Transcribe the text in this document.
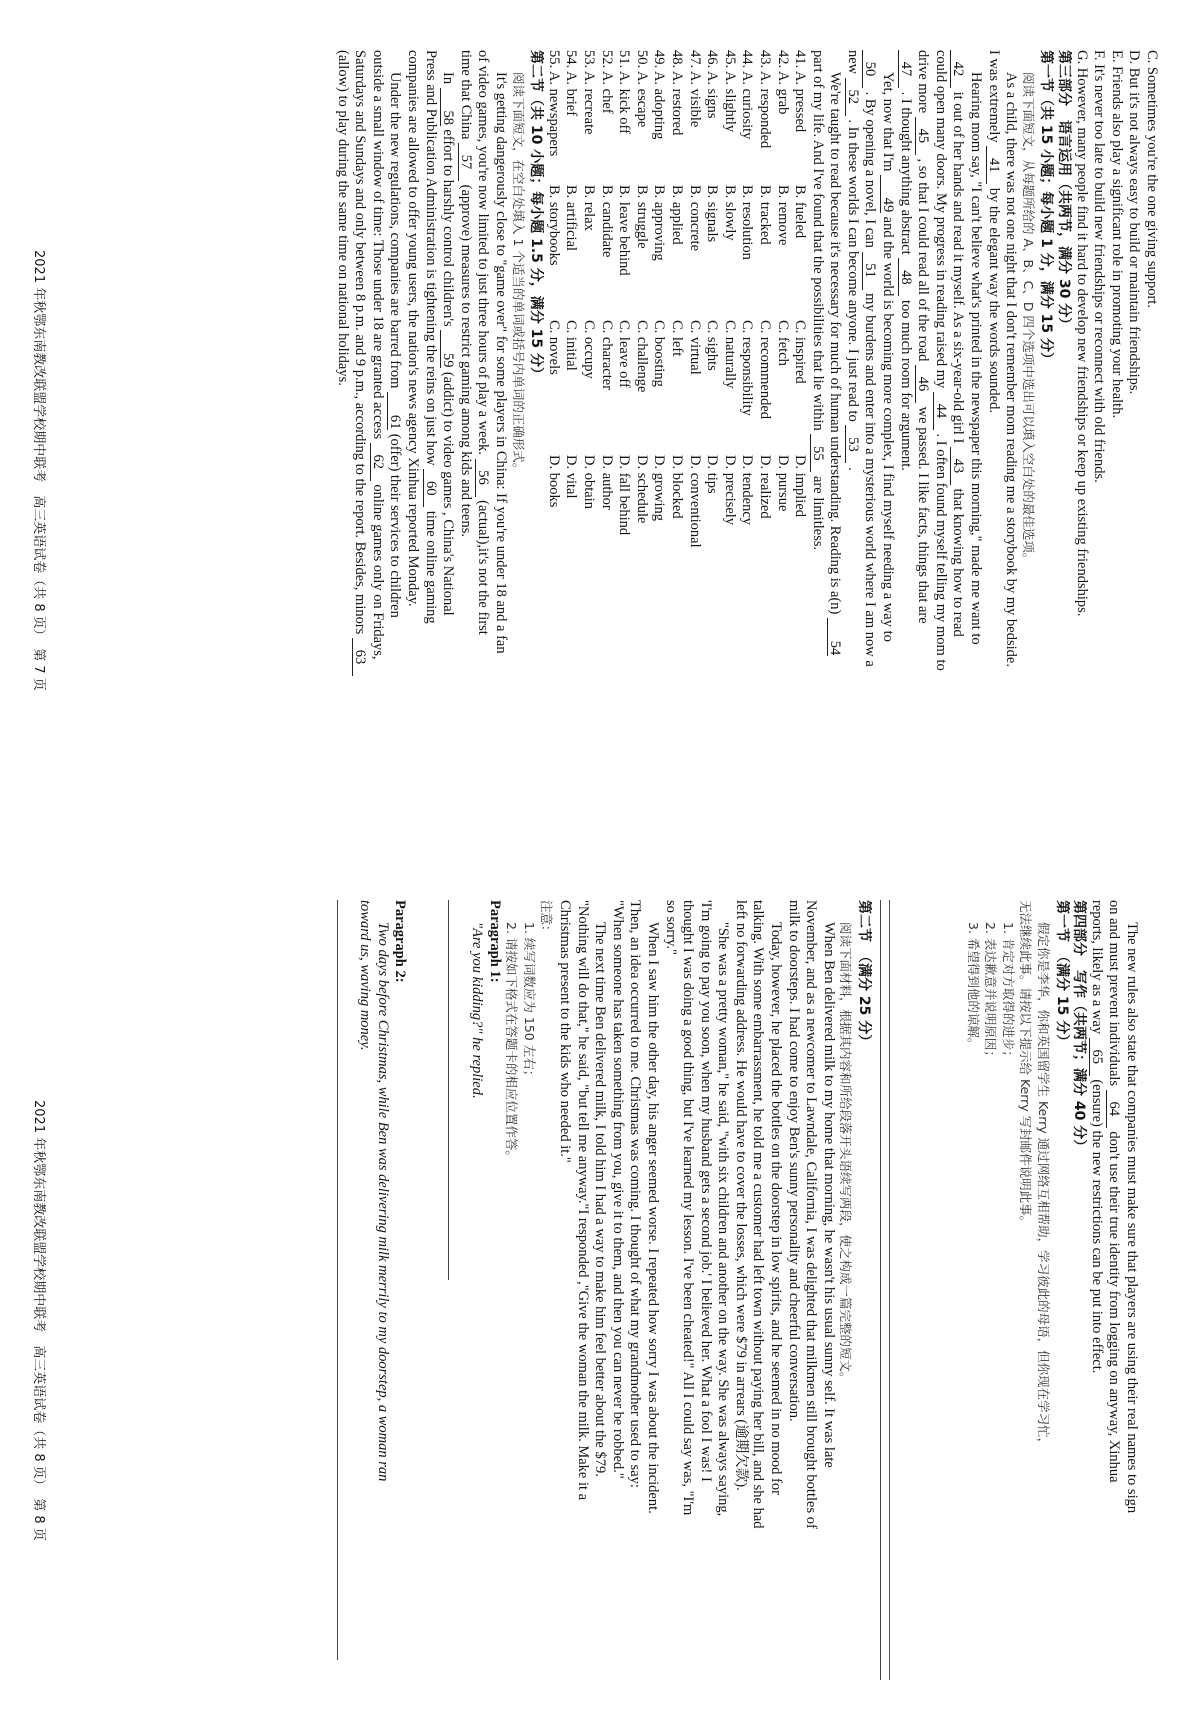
C. Sometimes you're the one giving support.
D. But it's not always easy to build or maintain friendships.
E. Friends also play a significant role in promoting your health.
F. It's never too late to build new friendships or reconnect with old friends.
G. However, many people find it hard to develop new friendships or keep up existing friendships.
第三部分　语言运用（共两节，满分 30 分）
第一节（共 15 小题；每小题 1 分，满分 15 分）
阅读下面短文，从每题所给的 A、B、C、D 四个选项中选出可以填入空白处的最佳选项。
As a child, there was not one night that I don't remember mom reading me a storybook by my bedside.
I was extremely 41 by the elegant way the words sounded.
Hearing mom say, "I can't believe what's printed in the newspaper this morning," made me want to
42 it out of her hands and read it myself. As a six-year-old girl I 43 that knowing how to read
could open many doors. My progress in reading raised my 44 . I often found myself telling my mom to
drive more 45 , so that I could read all of the road 46 we passed. I like facts, things that are
47 . I thought anything abstract 48 too much room for argument.
Yet, now that I'm 49 and the world is becoming more complex, I find myself needing a way to
50 . By opening a novel, I can 51 my burdens and enter into a mysterious world where I am now a
new 52 . In these worlds I can become anyone. I just read to 53 .
We're taught to read because it's necessary for much of human understanding. Reading is a(n) 54
part of my life. And I've found that the possibilities that lie within 55 are limitless.
41. A. pressed
B. fueled
C. inspired
D. implied
42. A. grab
B. remove
C. fetch
D. pursue
43. A. responded
B. tracked
C. recommended
D. realized
44. A. curiosity
B. resolution
C. responsibility
D. tendency
45. A. slightly
B. slowly
C. naturally
D. precisely
46. A. signs
B. signals
C. sights
D. tips
47. A. visible
B. concrete
C. virtual
D. conventional
48. A. restored
B. applied
C. left
D. blocked
49. A. adopting
B. approving
C. boosting
D. growing
50. A. escape
B. struggle
C. challenge
D. schedule
51. A. kick off
B. leave behind
C. leave off
D. fall behind
52. A. chef
B. candidate
C. character
D. author
53. A. recreate
B. relax
C. occupy
D. obtain
54. A. brief
B. artificial
C. initial
D. vital
55. A. newspapers
B. storybooks
C. novels
D. books
第二节（共 10 小题；每小题 1.5 分，满分 15 分）
阅读下面短文，在空白处填入 1 个适当的单词或括号内单词的正确形式。
It's getting dangerously close to "game over" for some players in China: If you're under 18 and a fan
of video games, you're now limited to just three hours of play a week. 56 (actual),it's not the first
time that China 57 (approve) measures to restrict gaming among kids and teens.
In 58 effort to harshly control children's 59 (addict) to video games , China's National
Press and Publication Administration is tightening the reins on just how 60 time online gaming
companies are allowed to offer young users, the nation's news agency Xinhua reported Monday.
Under the new regulations, companies are barred from 61 (offer) their services to children
outside a small window of time: Those under 18 are granted access 62 online games only on Fridays,
Saturdays and Sundays and only between 8 p.m. and 9 p.m., according to the report. Besides, minors 63
(allow) to play during the same time on national holidays.
2021 年秋鄂东南教改联盟学校期中联考　高三英语试卷（共 8 页）　第 7 页
The new rules also state that companies must make sure that players are using their real names to sign
on and must prevent individuals 64 don't use their true identity from logging on anyway, Xinhua
reports, likely as a way 65 (ensure) the new restrictions can be put into effect.
第四部分　写作（共两节；满分 40 分）
第一节　（满分 15 分）
假定你是李华，你和英国留学生 Kerry 通过网络互相帮助，学习彼此的母语，但你现在学习忙，
无法继续此事。请按以下提示给 Kerry 写封邮件说明此事。
1. 肯定对方取得的进步；
2. 表达歉意并说明原因；
3. 希望得到他的谅解。
第二节　（满分 25 分）
阅读下面材料，根据其内容和所给段落开头语续写两段，使之构成一篇完整的短文。
When Ben delivered milk to my home that morning, he wasn't his usual sunny self. It was late
November, and as a newcomer to Lawndale, California, I was delighted that milkmen still brought bottles of
milk to doorsteps. I had come to enjoy Ben's sunny personality and cheerful conversation.
Today, however, he placed the bottles on the doorstep in low spirits, and he seemed in no mood for
talking. With some embarrassment, he told me a customer had left town without paying her bill, and she had
left no forwarding address. He would have to cover the losses, which were $79 in arrears (逾期欠款).
"She was a pretty woman," he said, "with six children and another on the way. She was always saying,
'I'm going to pay you soon, when my husband gets a second job.' I believed her. What a fool I was! I
thought I was doing a good thing, but I've learned my lesson. I've been cheated!" All I could say was, "I'm
so sorry."
When I saw him the other day, his anger seemed worse. I repeated how sorry I was about the incident.
Then, an idea occurred to me. Christmas was coming. I thought of what my grandmother used to say:
"When someone has taken something from you, give it to them, and then you can never be robbed."
The next time Ben delivered milk, I told him I had a way to make him feel better about the $79.
"Nothing will do that," he said, "but tell me anyway."I responded ,"Give the woman the milk. Make it a
Christmas present to the kids who needed it."
注意：
1. 续写词数应为 150 左右；
2. 请按如下格式在答题卡的相应位置作答。
Paragraph 1:
"Are you kidding?" he replied.
Paragraph 2:
Two days before Christmas, while Ben was delivering milk merrily to my doorstep, a woman ran
toward us, waving money.
2021 年秋鄂东南教改联盟学校期中联考　高三英语试卷（共 8 页）　第 8 页
